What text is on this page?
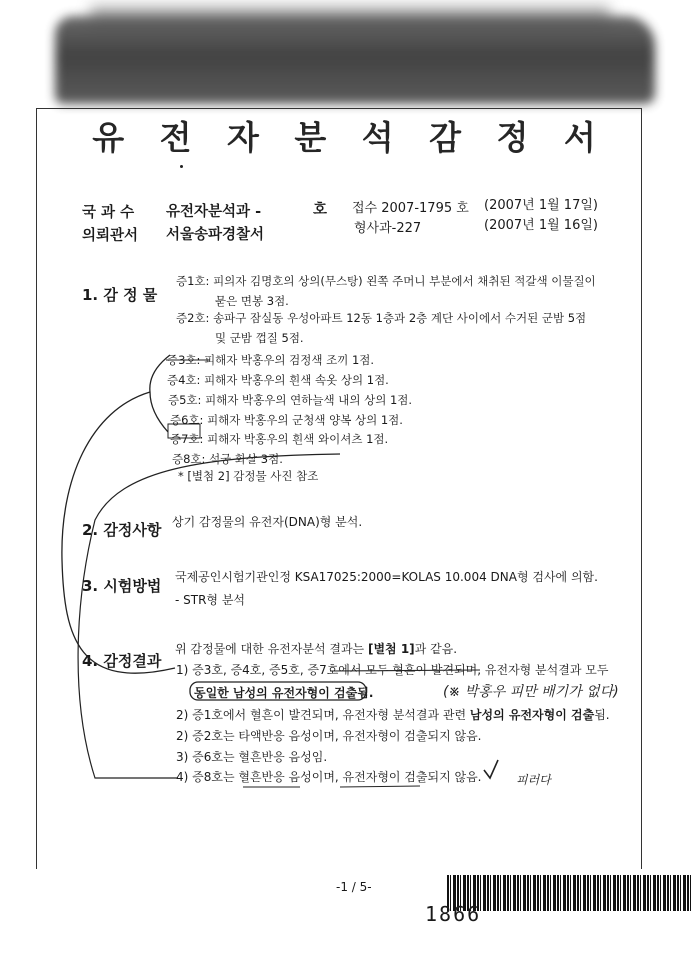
유 전 자 분 석 감 정 서
국 과 수 유전자분석과 -	호
의뢰관서 서울송파경찰서
접수 2007-1795 호 (2007년 1월 17일)
형사과-227	(2007년 1월 16일)
1. 감 정 물
증1호: 피의자 김명호의 상의(무스탕) 왼쪽 주머니 부분에서 채취된 적갈색 이물질이
묻은 면봉 3점.
증2호: 송파구 잠실동 우성아파트 12동 1층과 2층 계단 사이에서 수거된 군밤 5점
및 군밤 껍질 5점.
증3호: 피해자 박홍우의 검정색 조끼 1점.
증4호: 피해자 박홍우의 흰색 속옷 상의 1점.
증5호: 피해자 박홍우의 연하늘색 내의 상의 1점.
증6호: 피해자 박홍우의 군청색 양복 상의 1점.
증7호: 피해자 박홍우의 흰색 와이셔츠 1점.
증8호: 석궁 화살 3점.
* [별첨 2] 감정물 사진 참조
2. 감정사항 상기 감정물의 유전자(DNA)형 분석.
3. 시험방법 국제공인시험기관인정 KSA17025:2000=KOLAS 10.004 DNA형 검사에 의함.
- STR형 분석
4. 감정결과
위 감정물에 대한 유전자분석 결과는 [별첨 1]과 같음.
1) 증3호, 증4호, 증5호, 증7호에서 모두 혈흔이 발견되며, 유전자형 분석결과 모두
동일한 남성의 유전자형이 검출됨.	(※ 박홍우 피만 배기가 없다)
2) 증1호에서 혈흔이 발견되며, 유전자형 분석결과 관련 남성의 유전자형이 검출됨.
2) 증2호는 타액반응 음성이며, 유전자형이 검출되지 않음.
3) 증6호는 혈흔반응 음성임.
4) 증8호는 혈흔반응 음성이며, 유전자형이 검출되지 않음.	피러다
-1 / 5-
1866
